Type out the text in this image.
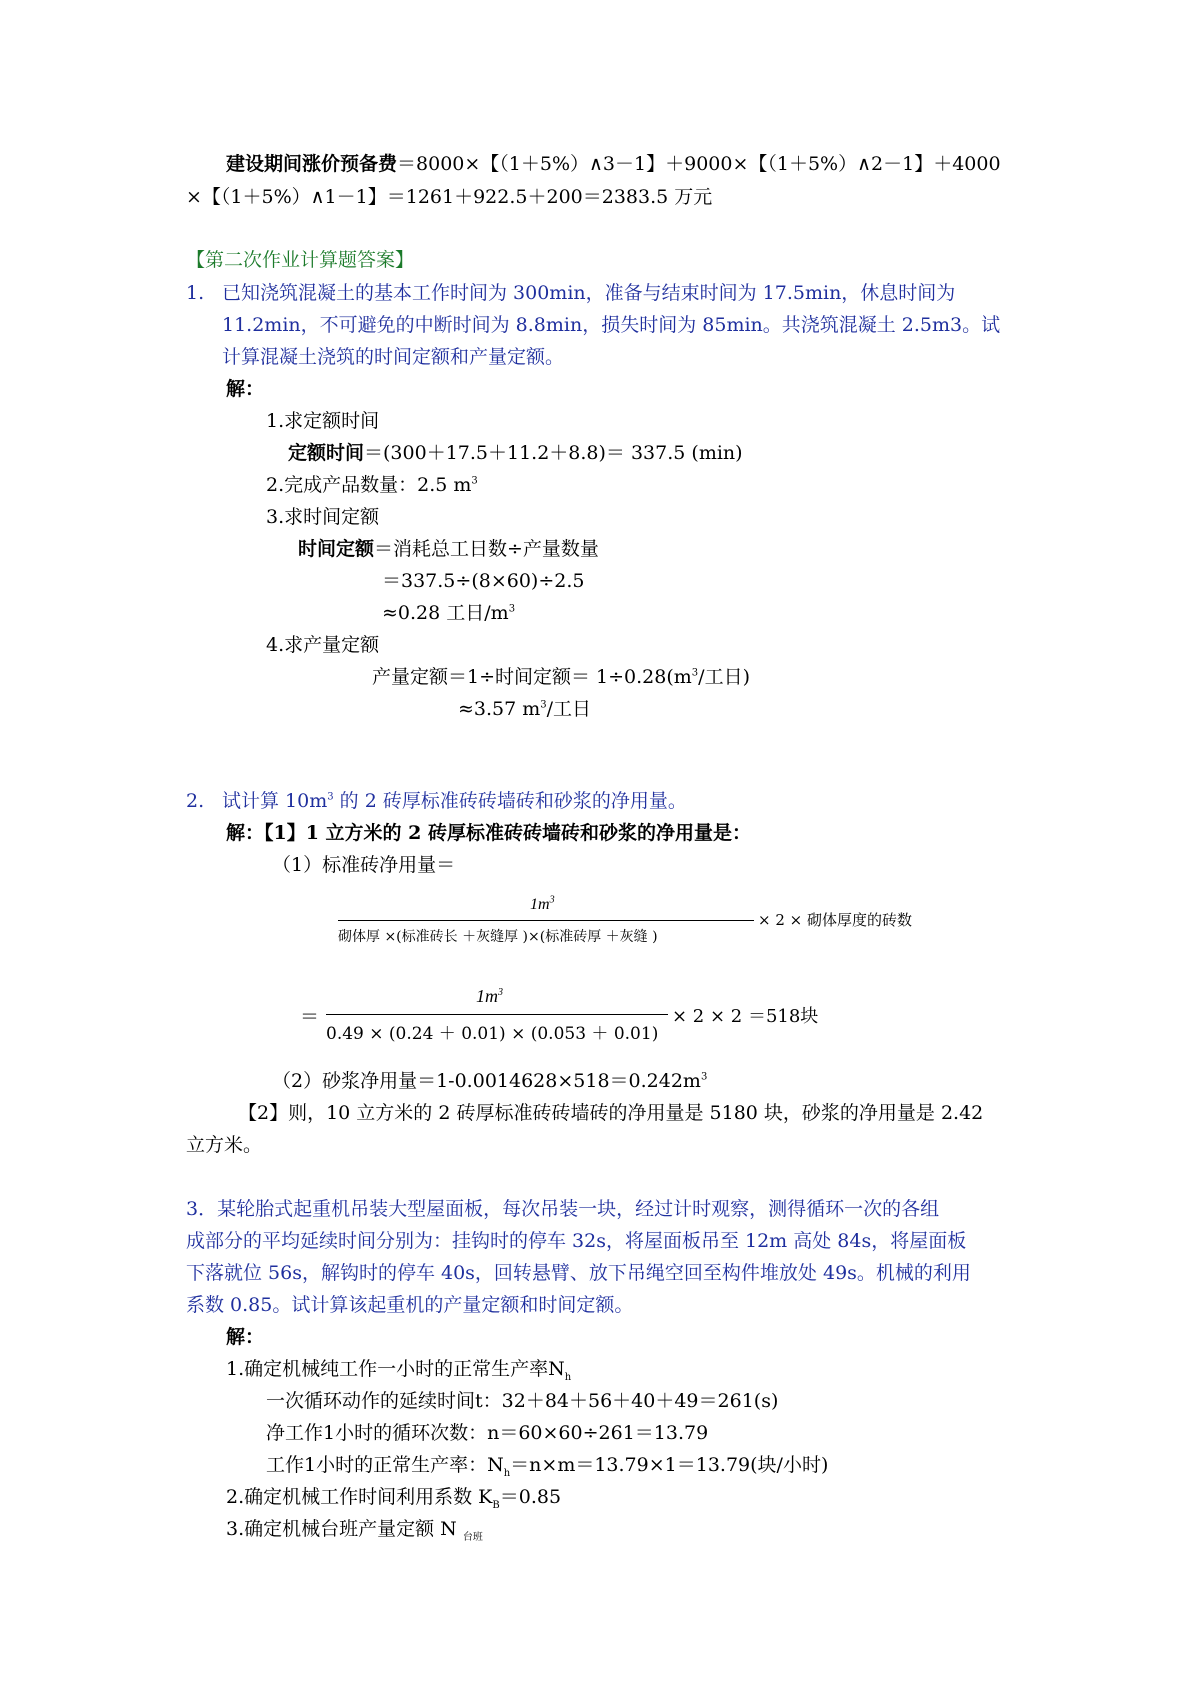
建设期间涨价预备费＝8000×【（1＋5%）∧3－1】＋9000×【（1＋5%）∧2－1】＋4000
×【（1＋5%）∧1－1】＝1261＋922.5＋200＝2383.5 万元
【第二次作业计算题答案】
1. 已知浇筑混凝土的基本工作时间为 300min，准备与结束时间为 17.5min，休息时间为
11.2min，不可避免的中断时间为 8.8min，损失时间为 85min。共浇筑混凝土 2.5m3。试
计算混凝土浇筑的时间定额和产量定额。
解：
1.求定额时间
定额时间＝(300＋17.5＋11.2＋8.8)＝ 337.5 (min)
2.完成产品数量：2.5 $m^3$
3.求时间定额
时间定额＝消耗总工日数÷产量数量
＝337.5÷(8×60)÷2.5
≈0.28 工日$/m^3$
4.求产量定额
产量定额＝1÷时间定额＝ $1\div 0.28(m^3/$工日)
≈3.57 $m^3/$工日
2. 试计算 $10m^3$ 的 2 砖厚标准砖砖墙砖和砂浆的净用量。
解：【1】1 立方米的 2 砖厚标准砖砖墙砖和砂浆的净用量是：
（1）标准砖净用量＝
$1m^3$
砌体厚 ×(标准砖长 ＋灰缝厚 )×(标准砖厚 ＋灰缝 )
× 2 × 砌体厚度的砖数
＝
$1m^3$
0.49 × (0.24 ＋ 0.01) × (0.053 ＋ 0.01)
× 2 × 2 ＝518块
（2）砂浆净用量$=1-0.0014628\times 518=0.242m^3$
【2】则，10 立方米的 2 砖厚标准砖砖墙砖的净用量是 5180 块，砂浆的净用量是 2.42
立方米。
3．某轮胎式起重机吊装大型屋面板，每次吊装一块，经过计时观察，测得循环一次的各组
成部分的平均延续时间分别为：挂钩时的停车 32s，将屋面板吊至 12m 高处 84s，将屋面板
下落就位 56s，解钩时的停车 40s，回转悬臂、放下吊绳空回至构件堆放处 49s。机械的利用
系数 0.85。试计算该起重机的产量定额和时间定额。
解：
1.确定机械纯工作一小时的正常生产率$N_h$
一次循环动作的延续时间t：32＋84＋56＋40＋49＝261(s)
净工作1小时的循环次数：n＝60×60÷261＝13.79
工作1小时的正常生产率：$N_h=n\times m=13.79\times 1=13.79$(块/小时)
2.确定机械工作时间利用系数 $K_B=0.85$
3.确定机械台班产量定额 N $_{台班}$
